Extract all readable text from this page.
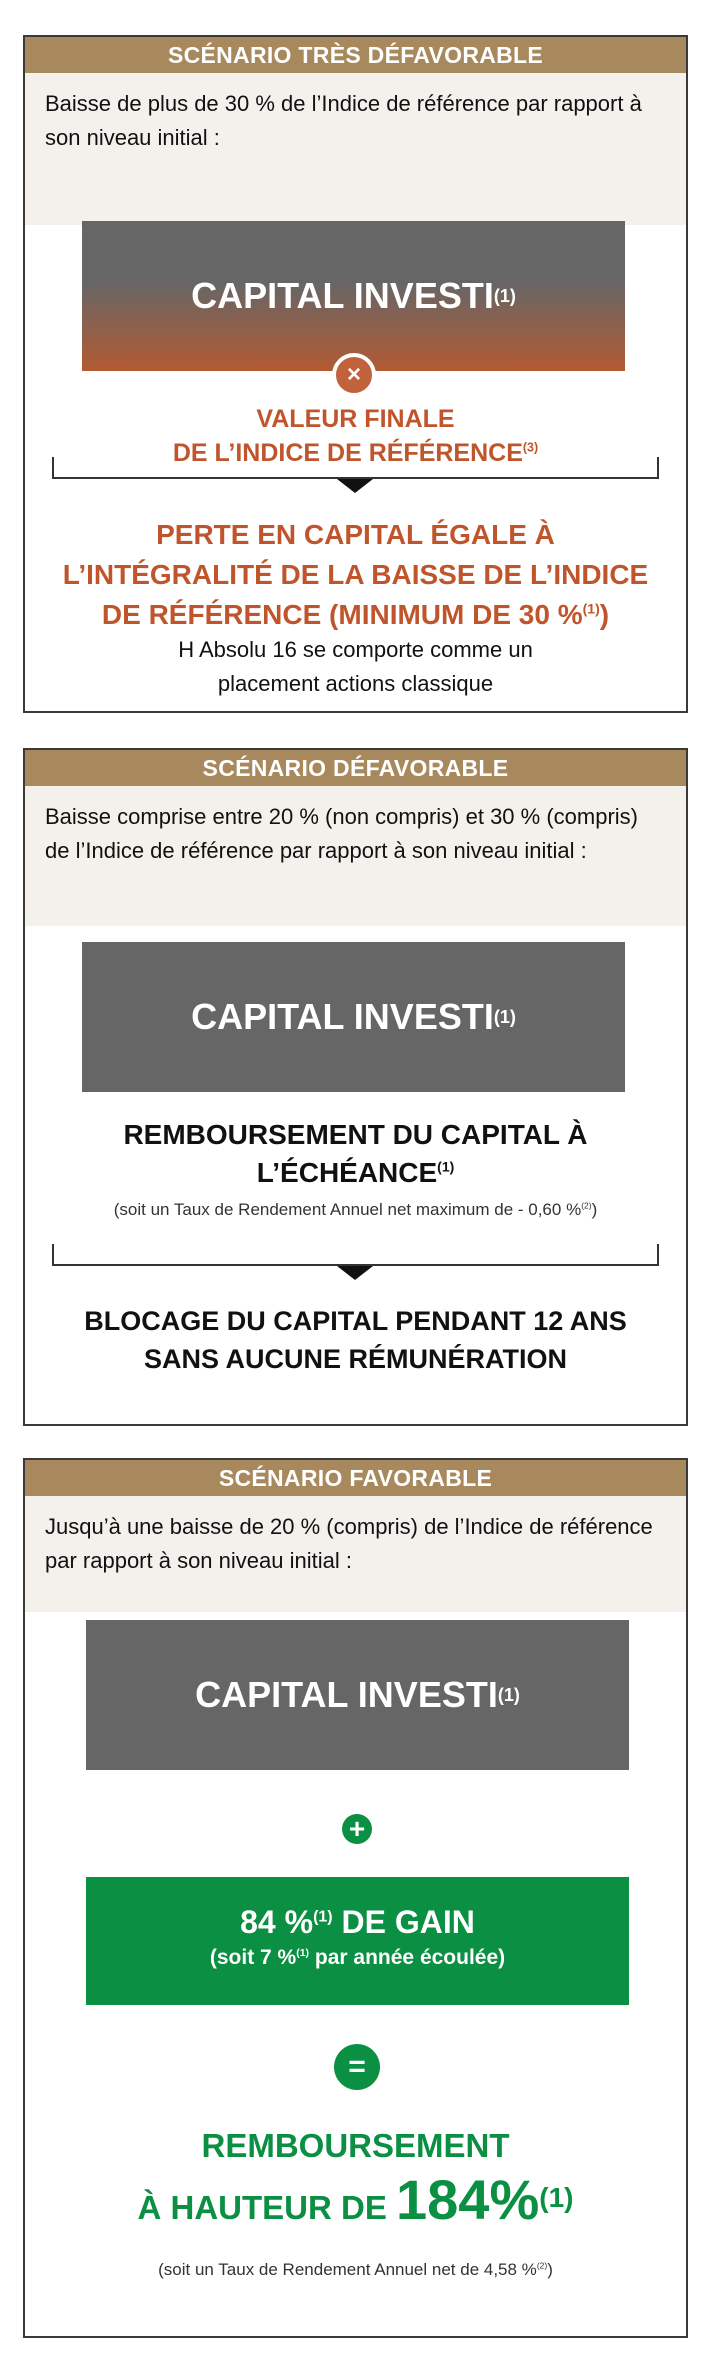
SCÉNARIO TRÈS DÉFAVORABLE
Baisse de plus de 30 % de l’Indice de référence par rapport à son niveau initial :
CAPITAL INVESTI (1)
×
VALEUR FINALE
DE L’INDICE DE RÉFÉRENCE$^{(3)}$
PERTE EN CAPITAL ÉGALE À
L’INTÉGRALITÉ DE LA BAISSE DE L’INDICE
DE RÉFÉRENCE (MINIMUM DE 30 %$^{(1)}$)
H Absolu 16 se comporte comme un
placement actions classique
SCÉNARIO DÉFAVORABLE
Baisse comprise entre 20 % (non compris) et 30 % (compris) de l’Indice de référence par rapport à son niveau initial :
CAPITAL INVESTI (1)
REMBOURSEMENT DU CAPITAL À
L’ÉCHÉANCE$^{(1)}$
(soit un Taux de Rendement Annuel net maximum de - 0,60 %$^{(2)}$)
BLOCAGE DU CAPITAL PENDANT 12 ANS
SANS AUCUNE RÉMUNÉRATION
SCÉNARIO FAVORABLE
Jusqu’à une baisse de 20 % (compris) de l’Indice de référence par rapport à son niveau initial :
CAPITAL INVESTI (1)
+
84 %$^{(1)}$ DE GAIN
(soit 7 %$^{(1)}$ par année écoulée)
=
REMBOURSEMENT
À HAUTEUR DE 184%$^{(1)}$
(soit un Taux de Rendement Annuel net de 4,58 %$^{(2)}$)
